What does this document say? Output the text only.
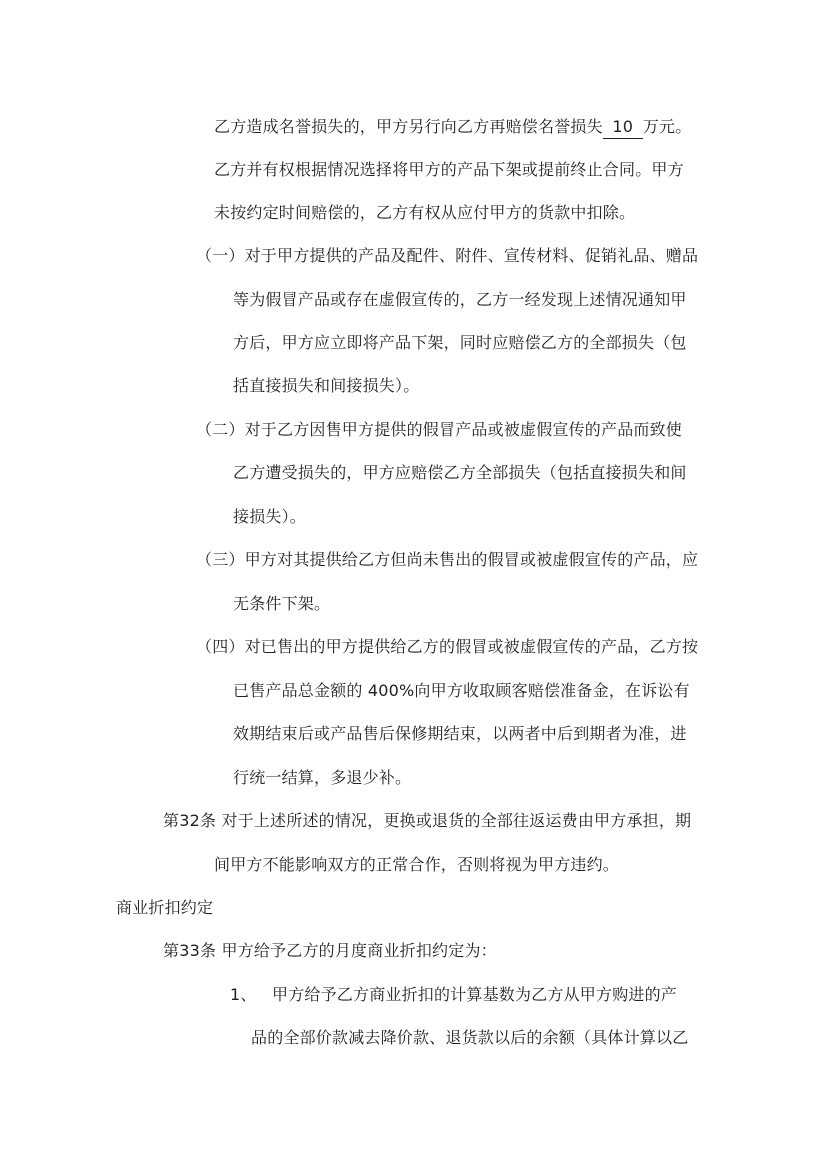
乙方造成名誉损失的，甲方另行向乙方再赔偿名誉损失 10 万元。
乙方并有权根据情况选择将甲方的产品下架或提前终止合同。甲方
未按约定时间赔偿的，乙方有权从应付甲方的货款中扣除。
（一）对于甲方提供的产品及配件、附件、宣传材料、促销礼品、赠品
等为假冒产品或存在虚假宣传的，乙方一经发现上述情况通知甲
方后，甲方应立即将产品下架，同时应赔偿乙方的全部损失（包
括直接损失和间接损失）。
（二）对于乙方因售甲方提供的假冒产品或被虚假宣传的产品而致使
乙方遭受损失的，甲方应赔偿乙方全部损失（包括直接损失和间
接损失）。
（三）甲方对其提供给乙方但尚未售出的假冒或被虚假宣传的产品，应
无条件下架。
（四）对已售出的甲方提供给乙方的假冒或被虚假宣传的产品，乙方按
已售产品总金额的 400%向甲方收取顾客赔偿准备金，在诉讼有
效期结束后或产品售后保修期结束，以两者中后到期者为准，进
行统一结算，多退少补。
第32条 对于上述所述的情况，更换或退货的全部往返运费由甲方承担，期
间甲方不能影响双方的正常合作，否则将视为甲方违约。
商业折扣约定
第33条 甲方给予乙方的月度商业折扣约定为：
1、 甲方给予乙方商业折扣的计算基数为乙方从甲方购进的产
品的全部价款减去降价款、退货款以后的余额（具体计算以乙
